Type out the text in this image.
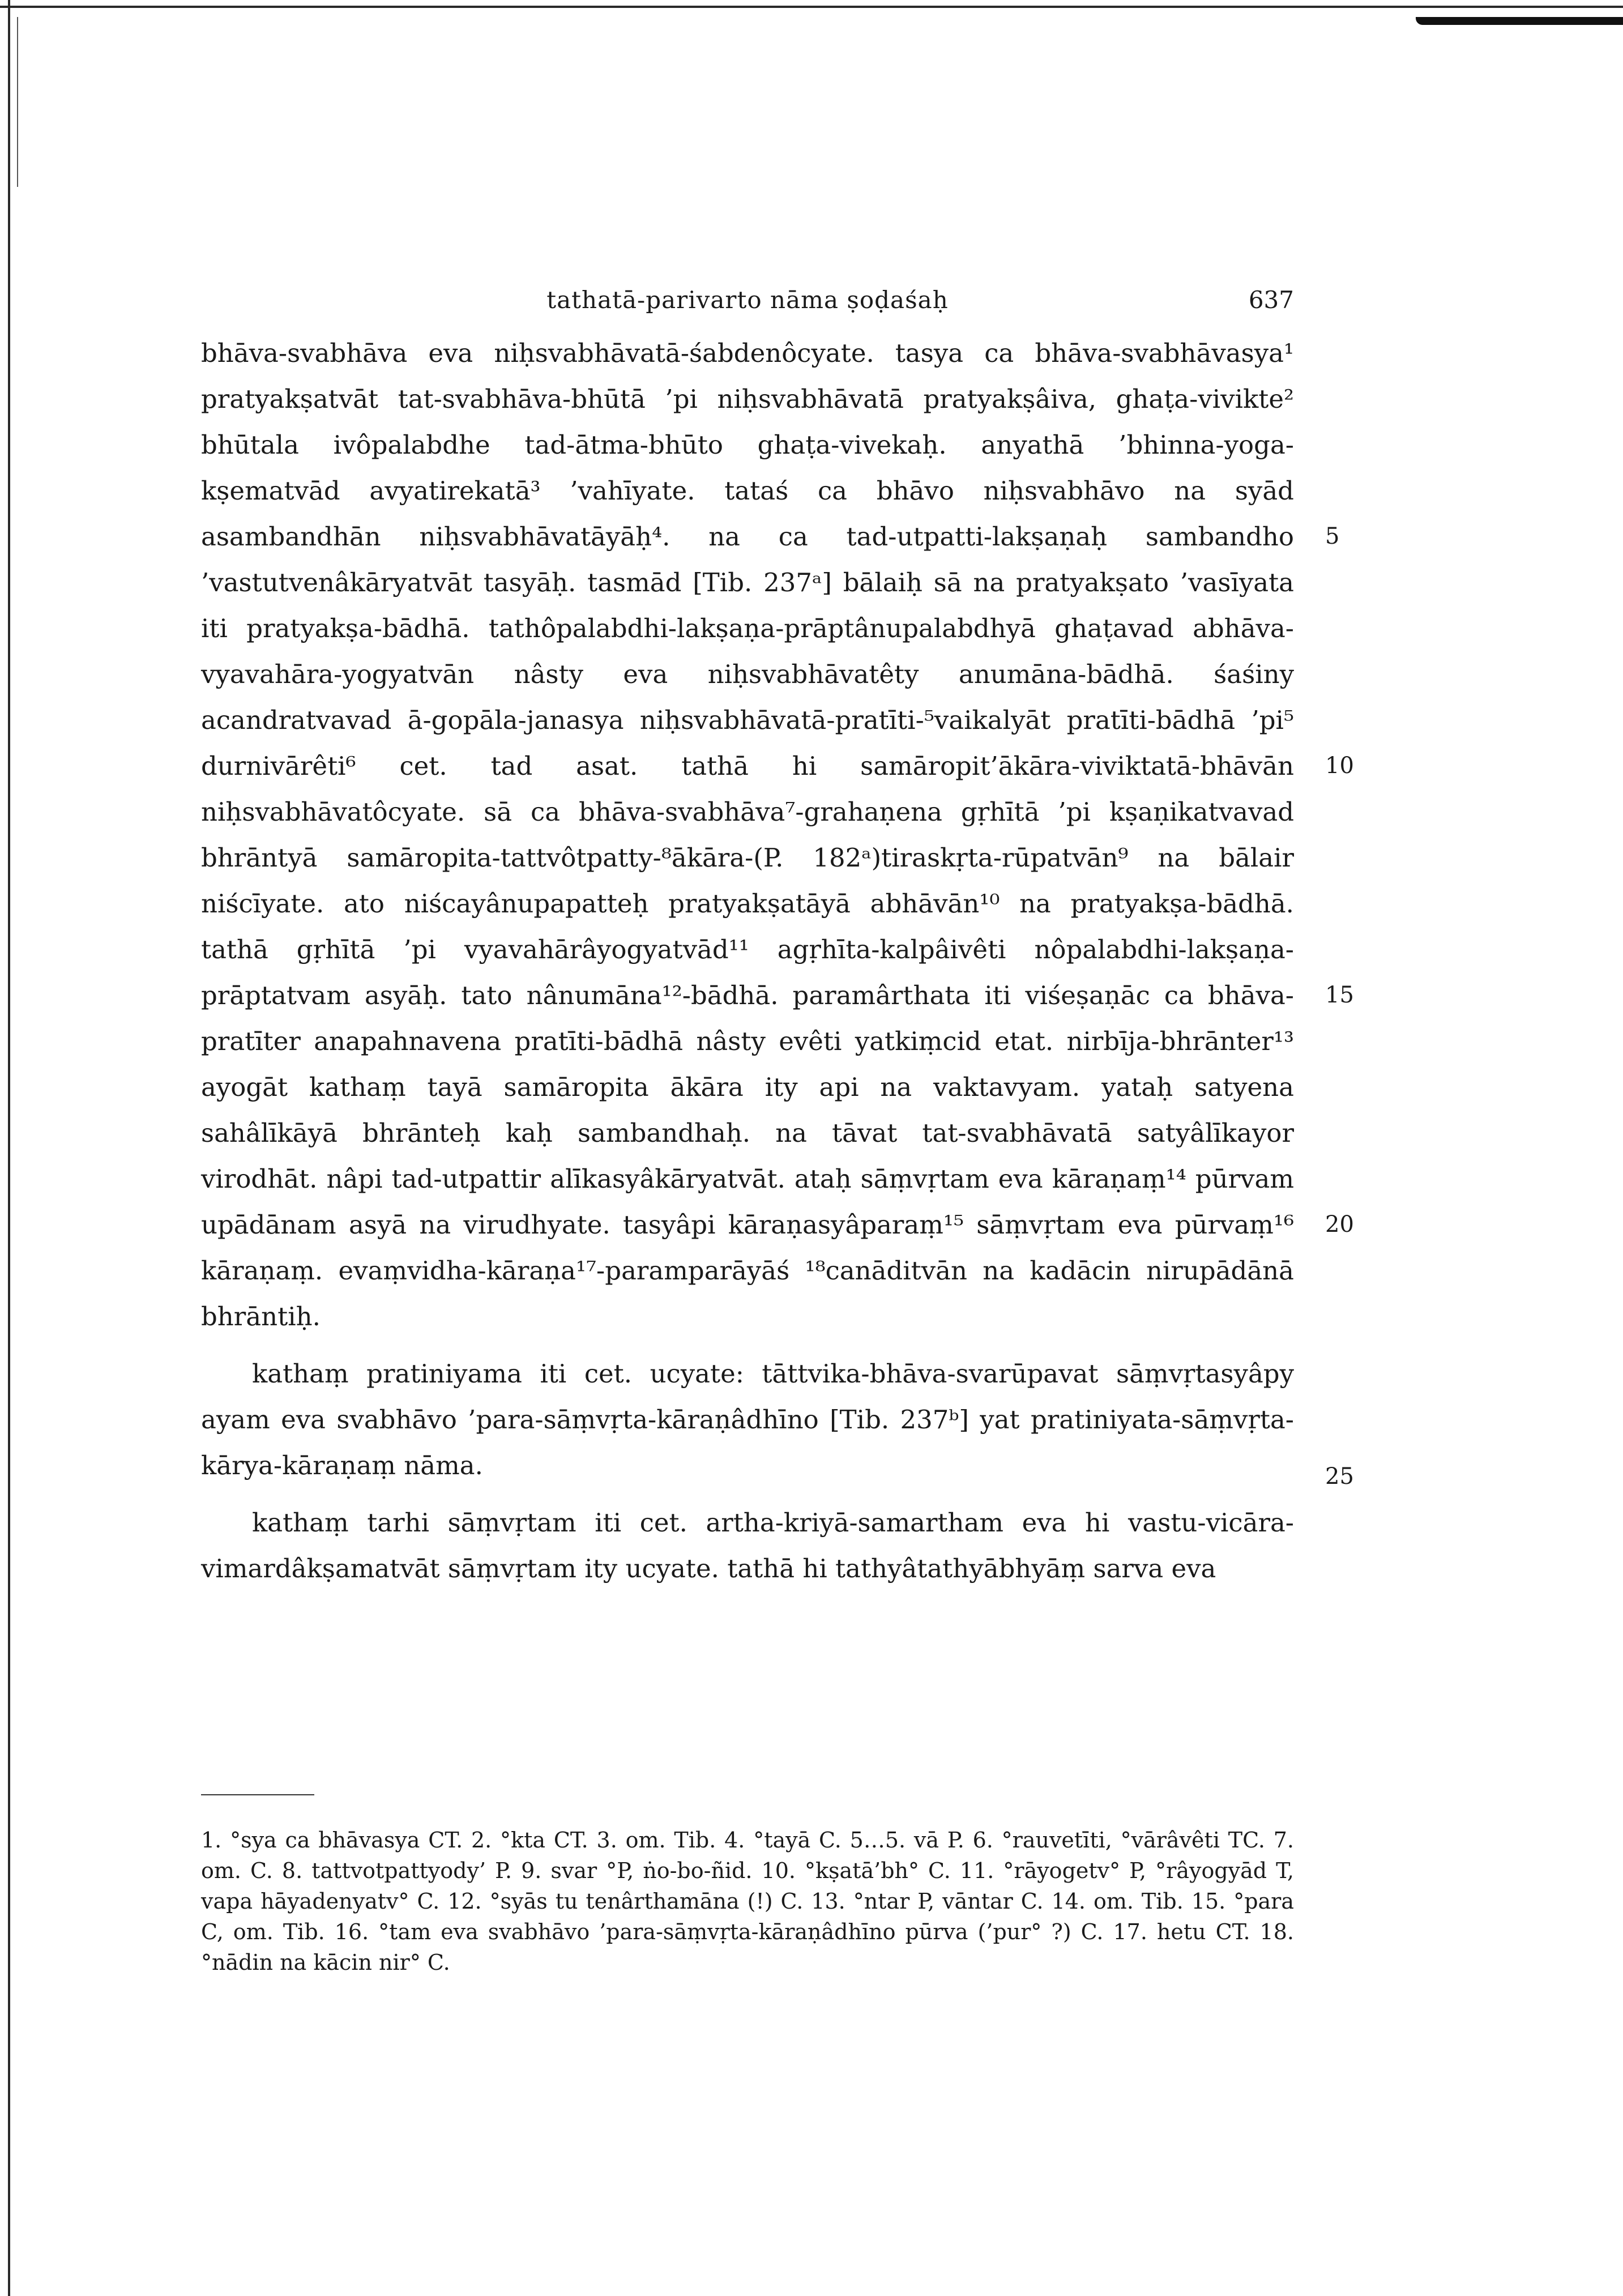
tathatā-parivarto nāma ṣoḍaśaḥ	637

bhāva-svabhāva eva niḥsvabhāvatā-śabdenôcyate. tasya ca bhāva-svabhāvasya¹ pratyakṣatvāt tat-svabhāva-bhūtā ’pi niḥsvabhāvatā pratyakṣâiva, ghaṭa-vivikte² bhūtala ivôpalabdhe tad-ātma-bhūto ghaṭa-vivekaḥ. anyathā ’bhinna-yoga-kṣematvād avyatirekatā³ ’vahīyate. tataś ca bhāvo niḥsvabhāvo na syād asambandhān niḥsvabhāvatāyāḥ⁴. na ca tad-utpatti-lakṣaṇaḥ sambandho ’vastutvenâkāryatvāt tasyāḥ. tasmād [Tib. 237ᵃ] bālaiḥ sā na pratyakṣato ’vasīyata iti pratyakṣa-bādhā. tathôpalabdhi-lakṣaṇa-prāptânupalabdhyā ghaṭavad abhāva-vyavahāra-yogyatvān nâsty eva niḥsvabhāvatêty anumāna-bādhā. śaśiny acandratvavad ā-gopāla-janasya niḥsvabhāvatā-pratīti-⁵vaikalyāt pratīti-bādhā ’pi⁵ durnivārêti⁶ cet. tad asat. tathā hi samāropit’ākāra-viviktatā-bhāvān niḥsvabhāvatôcyate. sā ca bhāva-svabhāva⁷-grahaṇena gṛhītā ’pi kṣaṇikatvavad bhrāntyā samāropita-tattvôtpatty-⁸ākāra-(P. 182ᵃ)tiraskṛta-rūpatvān⁹ na bālair niścīyate. ato niścayânupapatteḥ pratyakṣatāyā abhāvān¹⁰ na pratyakṣa-bādhā. tathā gṛhītā ’pi vyavahārâyogyatvād¹¹ agṛhīta-kalpâivêti nôpalabdhi-lakṣaṇa-prāptatvam asyāḥ. tato nânumāna¹²-bādhā. paramârthata iti viśeṣaṇāc ca bhāva-pratīter anapahnavena pratīti-bādhā nâsty evêti yatkiṃcid etat. nirbīja-bhrānter¹³ ayogāt kathaṃ tayā samāropita ākāra ity api na vaktavyam. yataḥ satyena sahâlīkāyā bhrānteḥ kaḥ sambandhaḥ. na tāvat tat-svabhāvatā satyâlīkayor virodhāt. nâpi tad-utpattir alīkasyâkāryatvāt. ataḥ sāṃvṛtam eva kāraṇaṃ¹⁴ pūrvam upādānam asyā na virudhyate. tasyâpi kāraṇasyâparaṃ¹⁵ sāṃvṛtam eva pūrvaṃ¹⁶ kāraṇaṃ. evaṃvidha-kāraṇa¹⁷-paramparāyāś ¹⁸canāditvān na kadācin nirupādānā bhrāntiḥ.

kathaṃ pratiniyama iti cet. ucyate: tāttvika-bhāva-svarūpavat sāṃvṛtasyâpy ayam eva svabhāvo ’para-sāṃvṛta-kāraṇâdhīno [Tib. 237ᵇ] yat pratiniyata-sāṃvṛta-kārya-kāraṇaṃ nāma.

kathaṃ tarhi sāṃvṛtam iti cet. artha-kriyā-samartham eva hi vastu-vicāra-vimardâkṣamatvāt sāṃvṛtam ity ucyate. tathā hi tathyâtathyābhyāṃ sarva eva

5
10
15
20
25
1. °sya ca bhāvasya CT. 2. °kta CT. 3. om. Tib. 4. °tayā C. 5…5. vā P. 6. °rauvetīti, °vārâvêti TC. 7. om. C. 8. tattvotpattyody’ P. 9. svar °P, ṅo-bo-ñid. 10. °kṣatā’bh° C. 11. °rāyogetv° P, °râyogyād T, vapa hāyadenyatv° C. 12. °syās tu tenârthamāna (!) C. 13. °ntar P, vāntar C. 14. om. Tib. 15. °para C, om. Tib. 16. °tam eva svabhāvo ’para-sāṃvṛta-kāraṇâdhīno pūrva (’pur° ?) C. 17. hetu CT. 18. °nādin na kācin nir° C.
